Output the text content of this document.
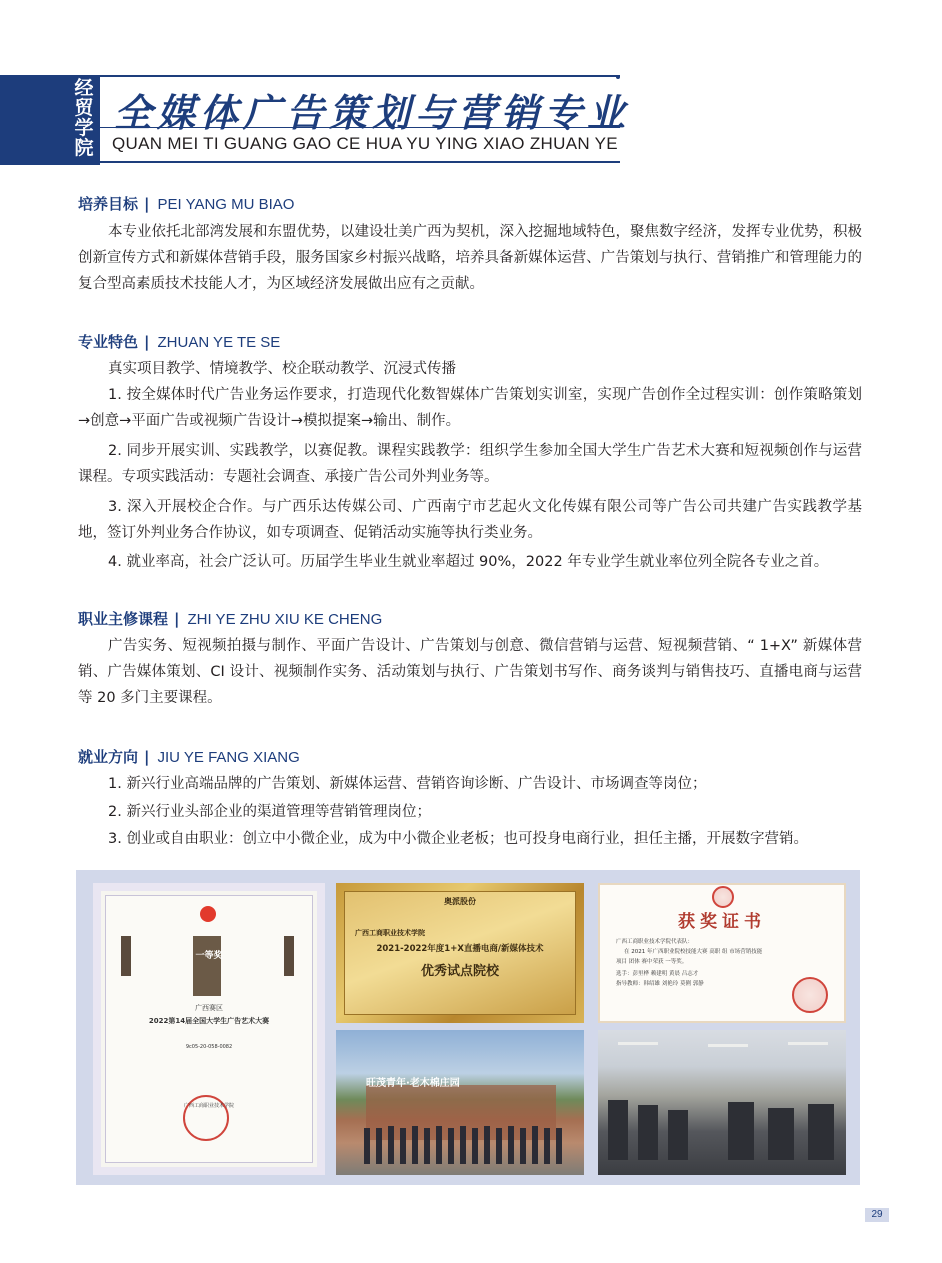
经贸学院
全媒体广告策划与营销专业
QUAN MEI TI GUANG GAO CE HUA YU YING XIAO ZHUAN YE
培养目标 | PEI YANG MU BIAO
本专业依托北部湾发展和东盟优势，以建设壮美广西为契机，深入挖掘地域特色，聚焦数字经济，发挥专业优势，积极创新宣传方式和新媒体营销手段，服务国家乡村振兴战略，培养具备新媒体运营、广告策划与执行、营销推广和管理能力的复合型高素质技术技能人才，为区域经济发展做出应有之贡献。
专业特色 | ZHUAN YE TE SE
真实项目教学、情境教学、校企联动教学、沉浸式传播
1. 按全媒体时代广告业务运作要求，打造现代化数智媒体广告策划实训室，实现广告创作全过程实训：创作策略策划→创意→平面广告或视频广告设计→模拟提案→输出、制作。
2. 同步开展实训、实践教学，以赛促教。课程实践教学：组织学生参加全国大学生广告艺术大赛和短视频创作与运营课程。专项实践活动：专题社会调查、承接广告公司外判业务等。
3. 深入开展校企合作。与广西乐达传媒公司、广西南宁市艺起火文化传媒有限公司等广告公司共建广告实践教学基地，签订外判业务合作协议，如专项调查、促销活动实施等执行类业务。
4. 就业率高，社会广泛认可。历届学生毕业生就业率超过 90%，2022 年专业学生就业率位列全院各专业之首。
职业主修课程 | ZHI YE ZHU XIU KE CHENG
广告实务、短视频拍摄与制作、平面广告设计、广告策划与创意、微信营销与运营、短视频营销、“ 1+X” 新媒体营销、广告媒体策划、CI 设计、视频制作实务、活动策划与执行、广告策划书写作、商务谈判与销售技巧、直播电商与运营等 20 多门主要课程。
就业方向 | JIU YE FANG XIANG
1. 新兴行业高端品牌的广告策划、新媒体运营、营销咨询诊断、广告设计、市场调查等岗位；
2. 新兴行业头部企业的渠道管理等营销管理岗位；
3. 创业或自由职业：创立中小微企业，成为中小微企业老板；也可投身电商行业，担任主播，开展数字营销。
一等奖
广西赛区
2022第14届全国大学生广告艺术大赛
9c05-20-058-0082
广西工商职业技术学院
奥派股份
广西工商职业技术学院
2021-2022年度1+X直播电商/新媒体技术
优秀试点院校
获奖证书
广西工商职业技术学院代表队：
在 2021 年广西职业院校技能大赛 高职 组 市场营销技能
项目 团体 赛中荣获 一等奖。
选手：彭里桦 赖建明 黄晨 吕志才
指导教师：韩绍雄 刘艳玲 莫俐 郭静
旺茂青年·老木棉庄园
29
